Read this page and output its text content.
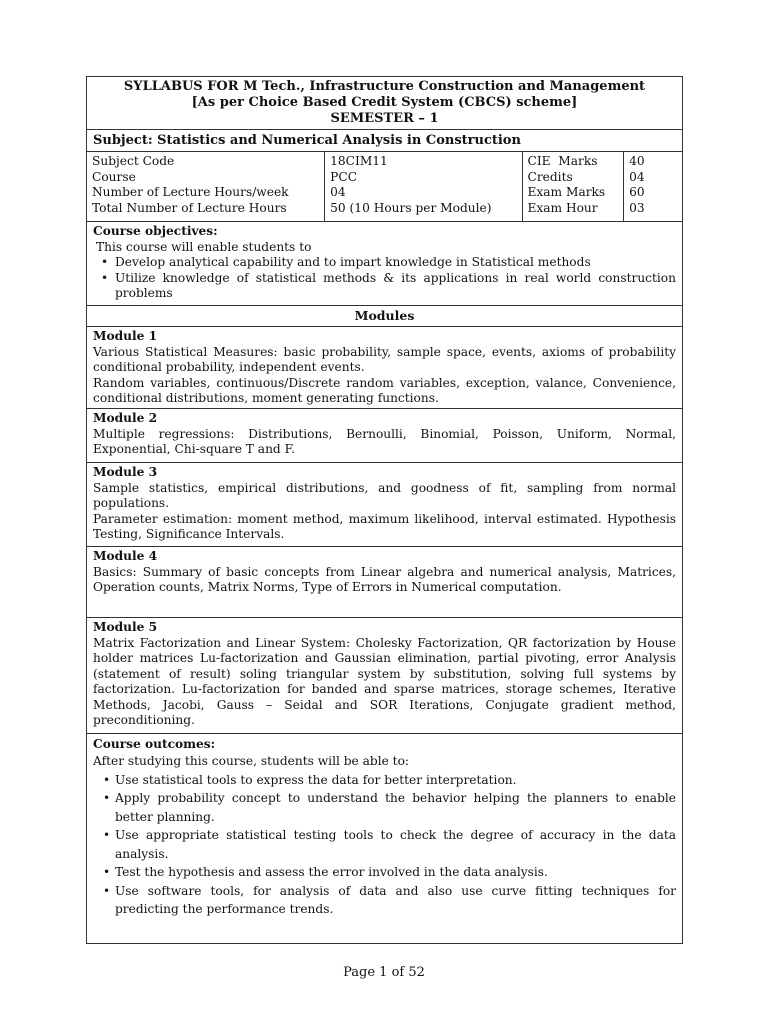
SYLLABUS FOR M Tech., Infrastructure Construction and Management
[As per Choice Based Credit System (CBCS) scheme]
SEMESTER – 1
Subject: Statistics and Numerical Analysis in Construction
Subject Code
Course
Number of Lecture Hours/week
Total Number of Lecture Hours
18CIM11
PCC
04
50 (10 Hours per Module)
CIE  Marks
Credits
Exam Marks
Exam Hour
40
04
60
03
Course objectives:
This course will enable students to
• Develop analytical capability and to impart knowledge in Statistical methods
• Utilize knowledge of statistical methods & its applications in real world construction problems
Modules
Module 1
Various Statistical Measures: basic probability, sample space, events, axioms of probability conditional probability, independent events.
Random variables, continuous/Discrete random variables, exception, valance, Convenience, conditional distributions, moment generating functions.
Module 2
Multiple regressions: Distributions, Bernoulli, Binomial, Poisson, Uniform, Normal, Exponential, Chi-square T and F.
Module 3
Sample statistics, empirical distributions, and goodness of fit, sampling from normal populations.
Parameter estimation: moment method, maximum likelihood, interval estimated. Hypothesis Testing, Significance Intervals.
Module 4
Basics: Summary of basic concepts from Linear algebra and numerical analysis, Matrices, Operation counts, Matrix Norms, Type of Errors in Numerical computation.
Module 5
Matrix Factorization and Linear System: Cholesky Factorization, QR factorization by House holder matrices Lu-factorization and Gaussian elimination, partial pivoting, error Analysis (statement of result) soling triangular system by substitution, solving full systems by factorization. Lu-factorization for banded and sparse matrices, storage schemes, Iterative Methods, Jacobi, Gauss – Seidal and SOR Iterations, Conjugate gradient method, preconditioning.
Course outcomes:
After studying this course, students will be able to:
• Use statistical tools to express the data for better interpretation.
• Apply probability concept to understand the behavior helping the planners to enable better planning.
• Use appropriate statistical testing tools to check the degree of accuracy in the data analysis.
• Test the hypothesis and assess the error involved in the data analysis.
• Use software tools, for analysis of data and also use curve fitting techniques for predicting the performance trends.
Page 1 of 52
